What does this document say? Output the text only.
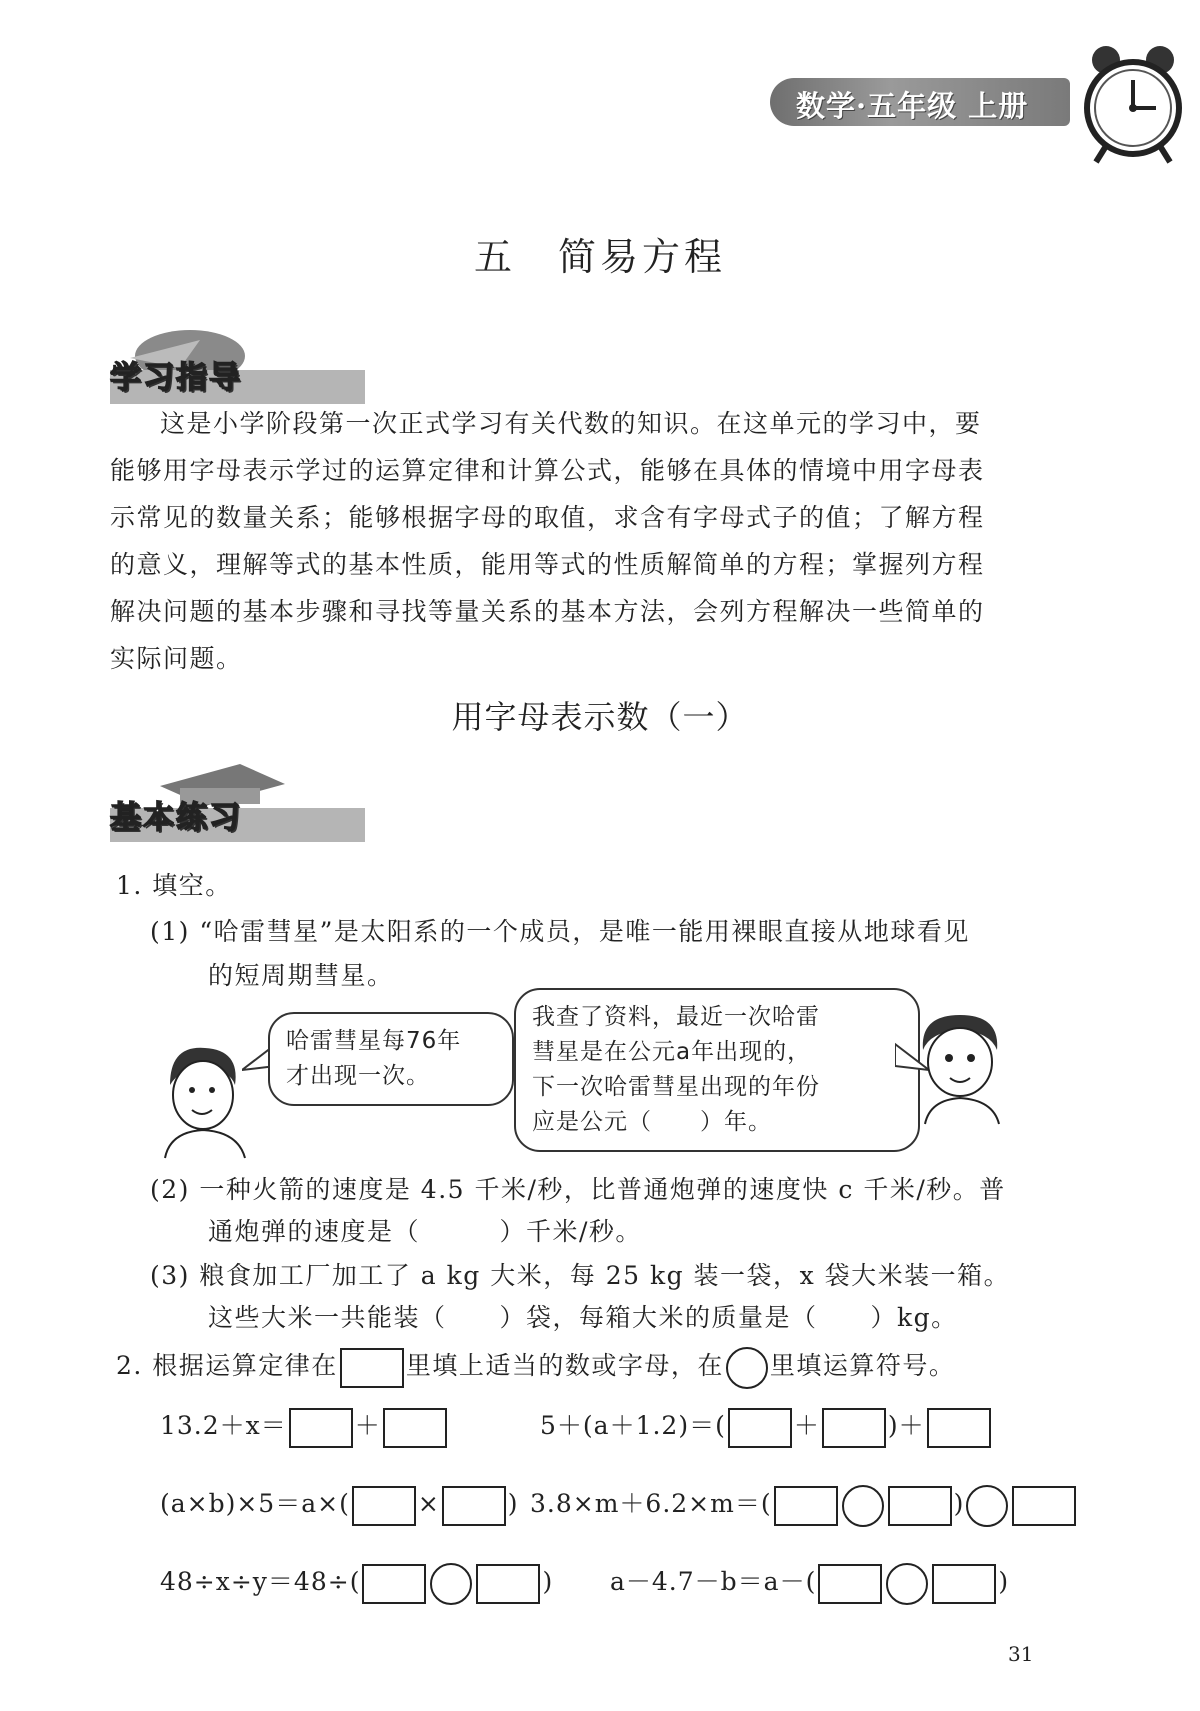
数学·五年级 上册
五　简易方程
学习指导
这是小学阶段第一次正式学习有关代数的知识。在这单元的学习中，要
能够用字母表示学过的运算定律和计算公式，能够在具体的情境中用字母表
示常见的数量关系；能够根据字母的取值，求含有字母式子的值；了解方程
的意义，理解等式的基本性质，能用等式的性质解简单的方程；掌握列方程
解决问题的基本步骤和寻找等量关系的基本方法，会列方程解决一些简单的
实际问题。
用字母表示数（一）
基本练习
1. 填空。
(1) “哈雷彗星”是太阳系的一个成员，是唯一能用裸眼直接从地球看见
的短周期彗星。
哈雷彗星每76年
才出现一次。
我查了资料，最近一次哈雷
彗星是在公元a年出现的，
下一次哈雷彗星出现的年份
应是公元（　　）年。
(2) 一种火箭的速度是 4.5 千米/秒，比普通炮弹的速度快 c 千米/秒。普
通炮弹的速度是（　　　）千米/秒。
(3) 粮食加工厂加工了 a kg 大米，每 25 kg 装一袋，x 袋大米装一箱。
这些大米一共能装（　　）袋，每箱大米的质量是（　　）kg。
2. 根据运算定律在	里填上适当的数或字母，在 里填运算符号。
13.2＋x＝	＋	5＋(a＋1.2)＝(	＋	)＋
(a×b)×5＝a×(	×	) 3.8×m＋6.2×m＝(	)
48÷x÷y＝48÷(	) a－4.7－b＝a－(	)
31
